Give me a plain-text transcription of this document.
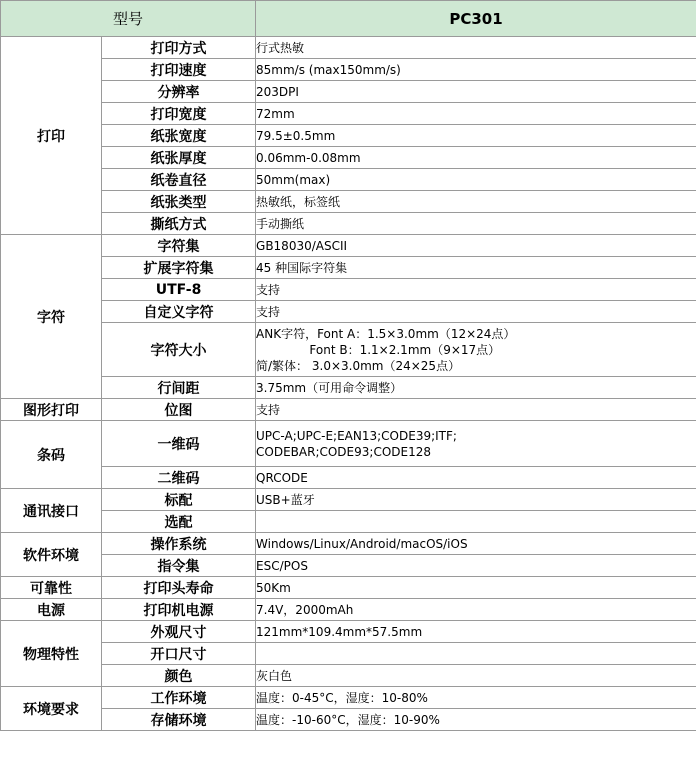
型号		PC301
打印	打印方式	行式热敏
	打印速度	85mm/s (max150mm/s)
	分辨率	203DPI
	打印宽度	72mm
	纸张宽度	79.5±0.5mm
	纸张厚度	0.06mm-0.08mm
	纸卷直径	50mm(max)
	纸张类型	热敏纸，标签纸
	撕纸方式	手动撕纸
字符	字符集	GB18030/ASCII
	扩展字符集	45 种国际字符集
	UTF-8	支持
	自定义字符	支持
	字符大小	ANK字符，Font A：1.5×3.0mm（12×24点）
Font B：1.1×2.1mm（9×17点）
简/繁体： 3.0×3.0mm（24×25点）

	行间距	3.75mm（可用命令调整）
图形打印	位图	支持
条码	一维码	UPC-A;UPC-E;EAN13;CODE39;ITF;
CODEBAR;CODE93;CODE128

	二维码	QRCODE
通讯接口	标配	USB+蓝牙
	选配	
软件环境	操作系统	Windows/Linux/Android/macOS/iOS
	指令集	ESC/POS
可靠性	打印头寿命	50Km
电源	打印机电源	7.4V，2000mAh
物理特性	外观尺寸	121mm*109.4mm*57.5mm
	开口尺寸	
	颜色	灰白色
环境要求	工作环境	温度：0-45°C，湿度：10-80%
	存储环境	温度：-10-60°C，湿度：10-90%
